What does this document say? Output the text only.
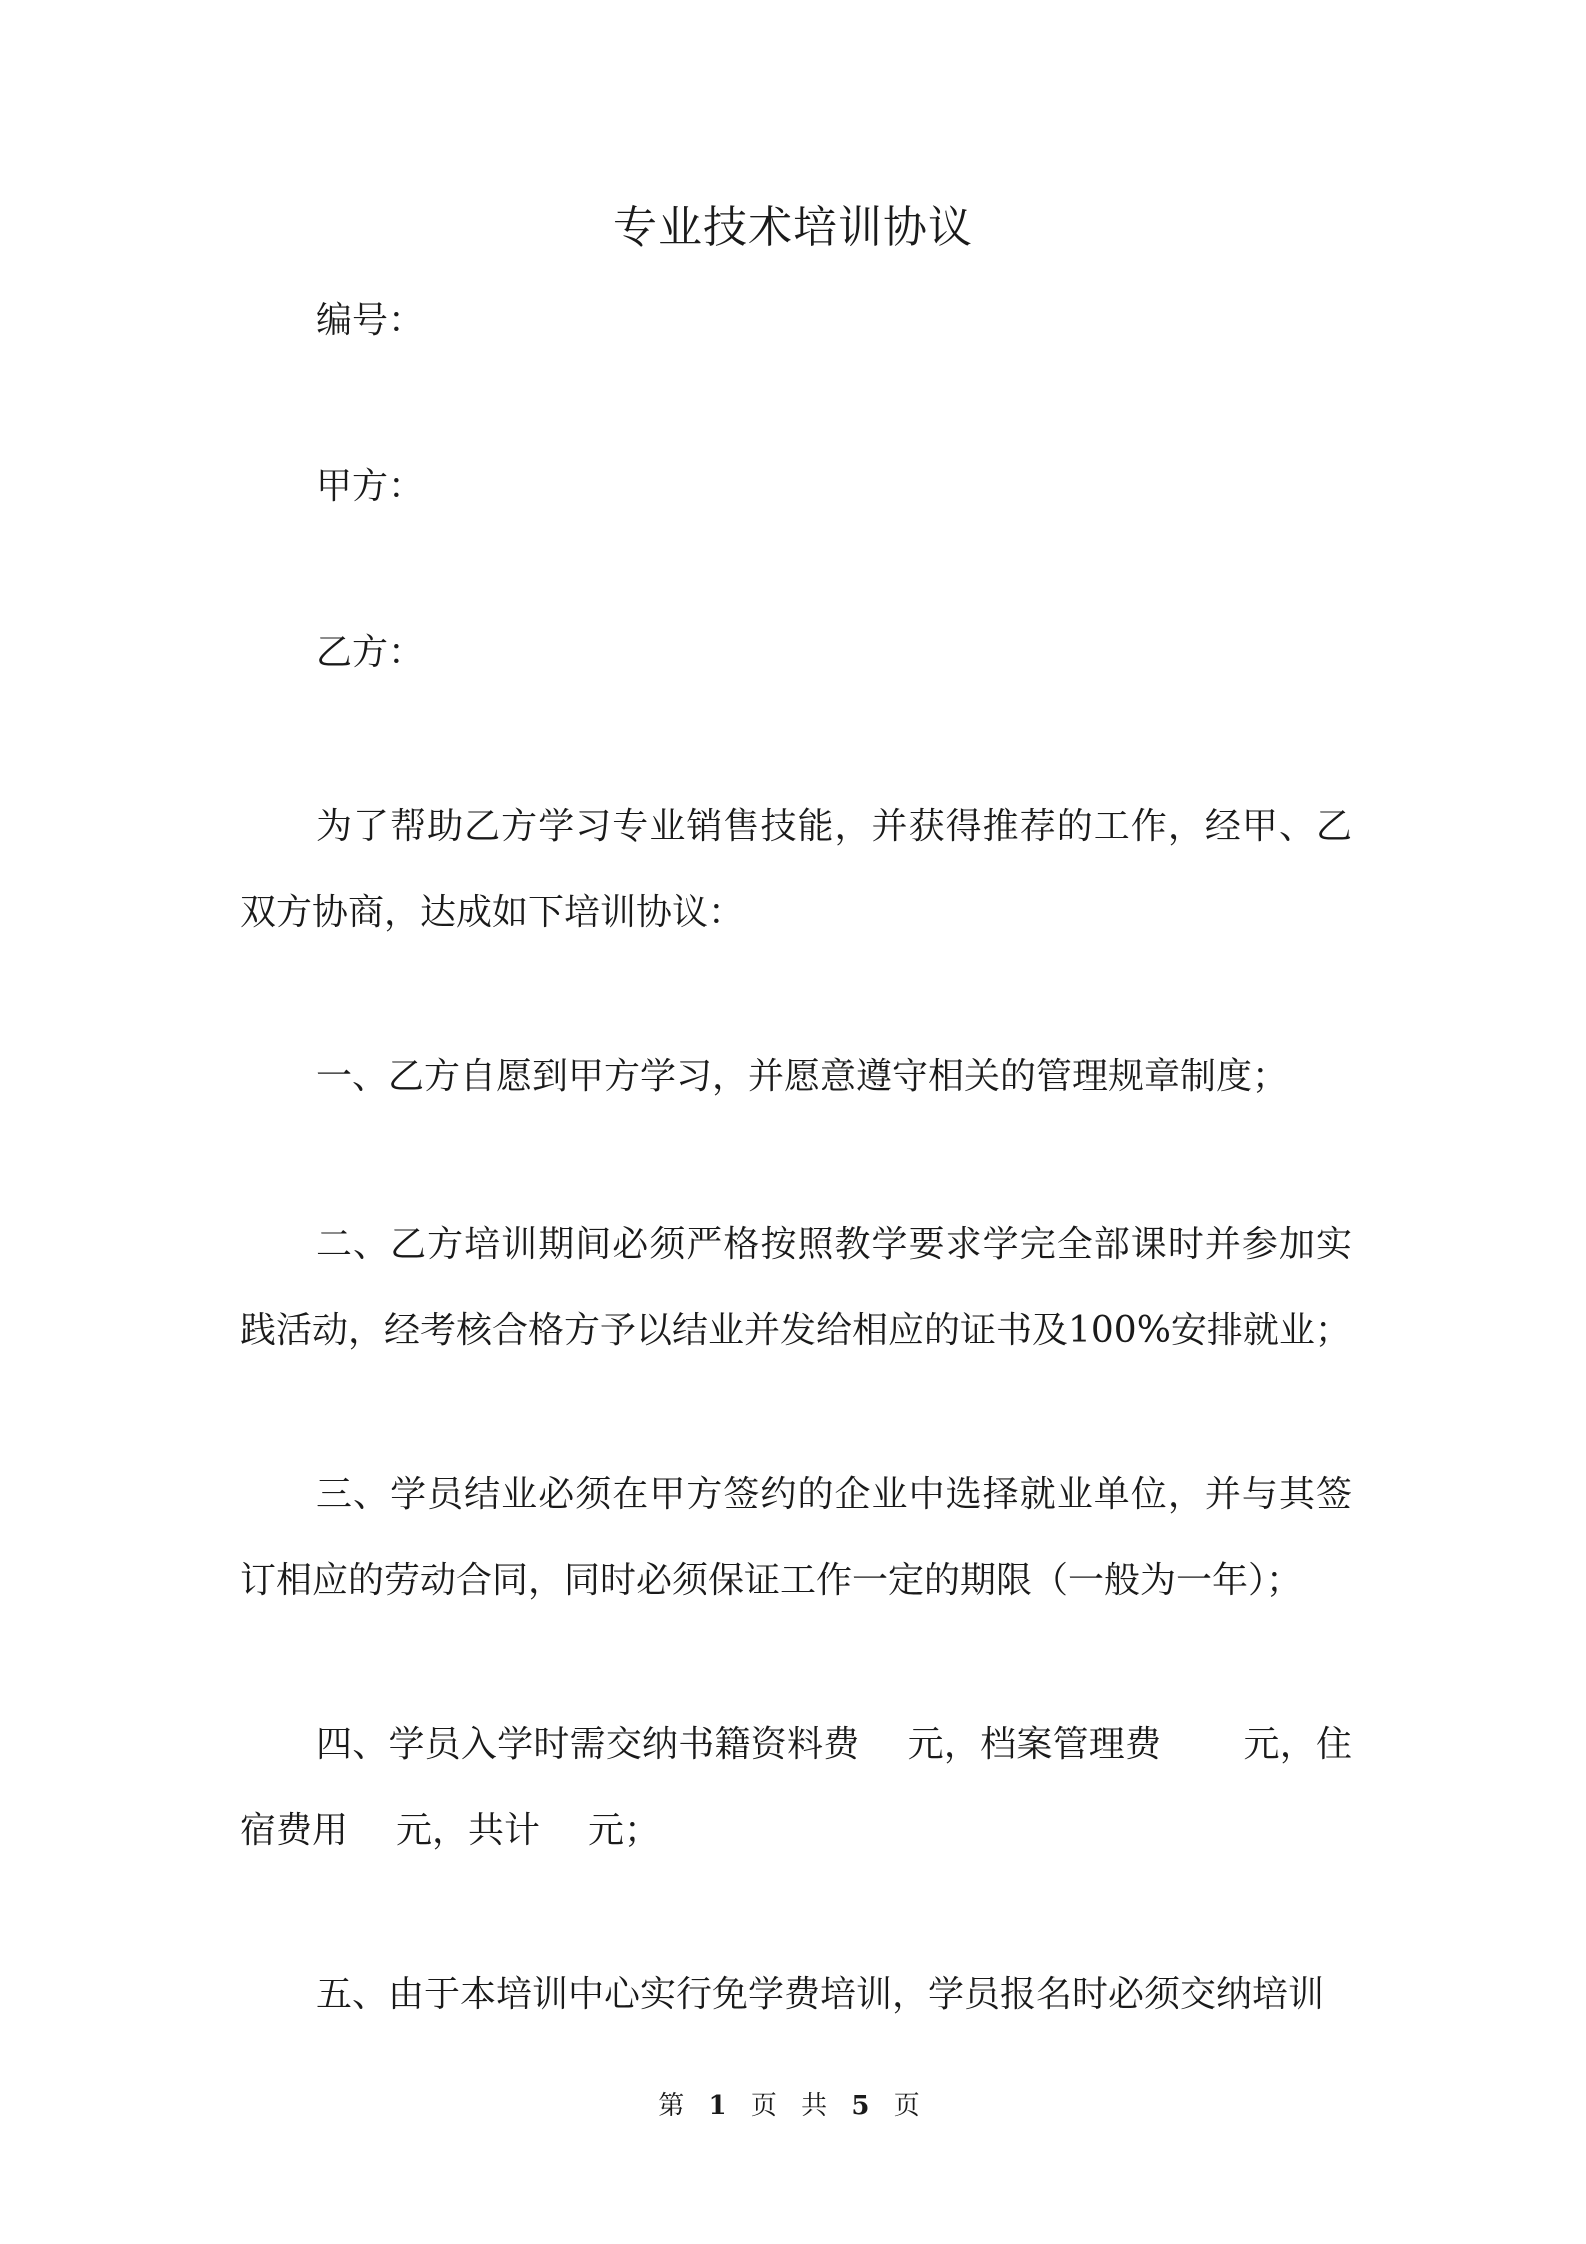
专业技术培训协议

编号：

甲方：

乙方：

为了帮助乙方学习专业销售技能，并获得推荐的工作，经甲、乙双方协商，达成如下培训协议：

一、乙方自愿到甲方学习，并愿意遵守相关的管理规章制度；

二、乙方培训期间必须严格按照教学要求学完全部课时并参加实践活动，经考核合格方予以结业并发给相应的证书及100%安排就业；

三、学员结业必须在甲方签约的企业中选择就业单位，并与其签订相应的劳动合同，同时必须保证工作一定的期限（一般为一年）；

四、学员入学时需交纳书籍资料费 元，档案管理费 元，住宿费用 元，共计 元；

五、由于本培训中心实行免学费培训，学员报名时必须交纳培训

第 1 页 共 5 页
